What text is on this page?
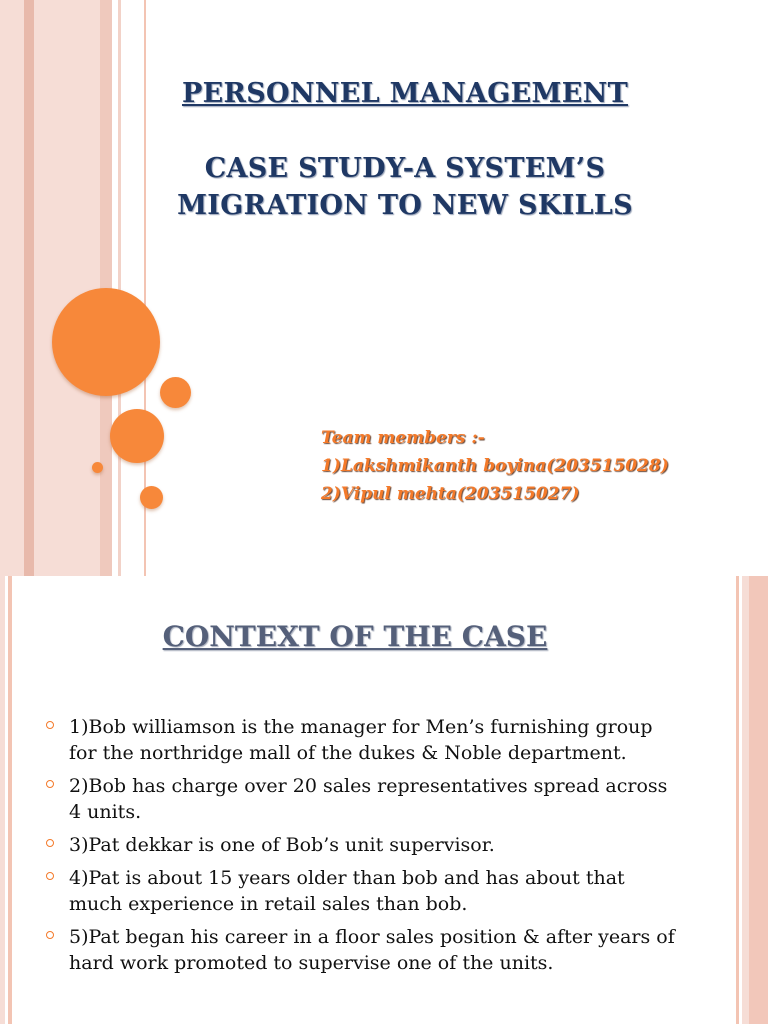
PERSONNEL MANAGEMENT
CASE STUDY-A SYSTEM’S
MIGRATION TO NEW SKILLS
Team members :-
1)Lakshmikanth boyina(203515028)
2)Vipul mehta(203515027)
CONTEXT OF THE CASE
1)Bob williamson is the manager for Men’s furnishing group for the northridge mall of the dukes & Noble department.
2)Bob has charge over 20 sales representatives spread across 4 units.
3)Pat dekkar is one of Bob’s unit supervisor.
4)Pat is about 15 years older than bob and has about that much experience in retail sales than bob.
5)Pat began his career in a floor sales position & after years of hard work promoted to supervise one of the units.
